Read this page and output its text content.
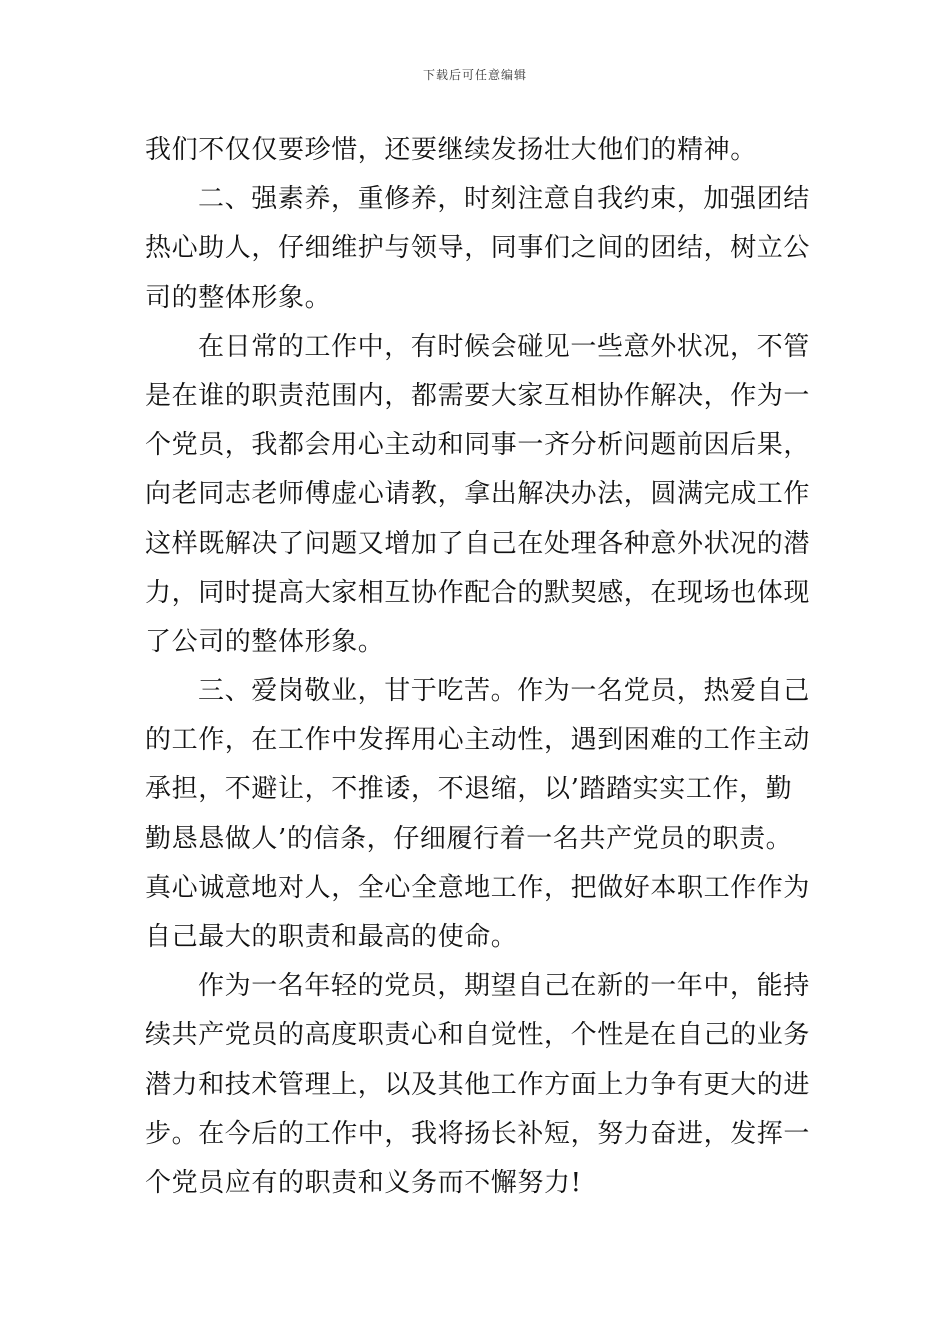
下载后可任意编辑
我们不仅仅要珍惜，还要继续发扬壮大他们的精神。
二、强素养，重修养，时刻注意自我约束，加强团结
热心助人，仔细维护与领导，同事们之间的团结，树立公
司的整体形象。
在日常的工作中，有时候会碰见一些意外状况，不管
是在谁的职责范围内，都需要大家互相协作解决，作为一
个党员，我都会用心主动和同事一齐分析问题前因后果，
向老同志老师傅虚心请教，拿出解决办法，圆满完成工作
这样既解决了问题又增加了自己在处理各种意外状况的潜
力，同时提高大家相互协作配合的默契感，在现场也体现
了公司的整体形象。
三、爱岗敬业，甘于吃苦。作为一名党员，热爱自己
的工作，在工作中发挥用心主动性，遇到困难的工作主动
承担，不避让，不推诿，不退缩，以’踏踏实实工作，勤
勤恳恳做人’的信条，仔细履行着一名共产党员的职责。
真心诚意地对人，全心全意地工作，把做好本职工作作为
自己最大的职责和最高的使命。
作为一名年轻的党员，期望自己在新的一年中，能持
续共产党员的高度职责心和自觉性，个性是在自己的业务
潜力和技术管理上，以及其他工作方面上力争有更大的进
步。在今后的工作中，我将扬长补短，努力奋进，发挥一
个党员应有的职责和义务而不懈努力!
